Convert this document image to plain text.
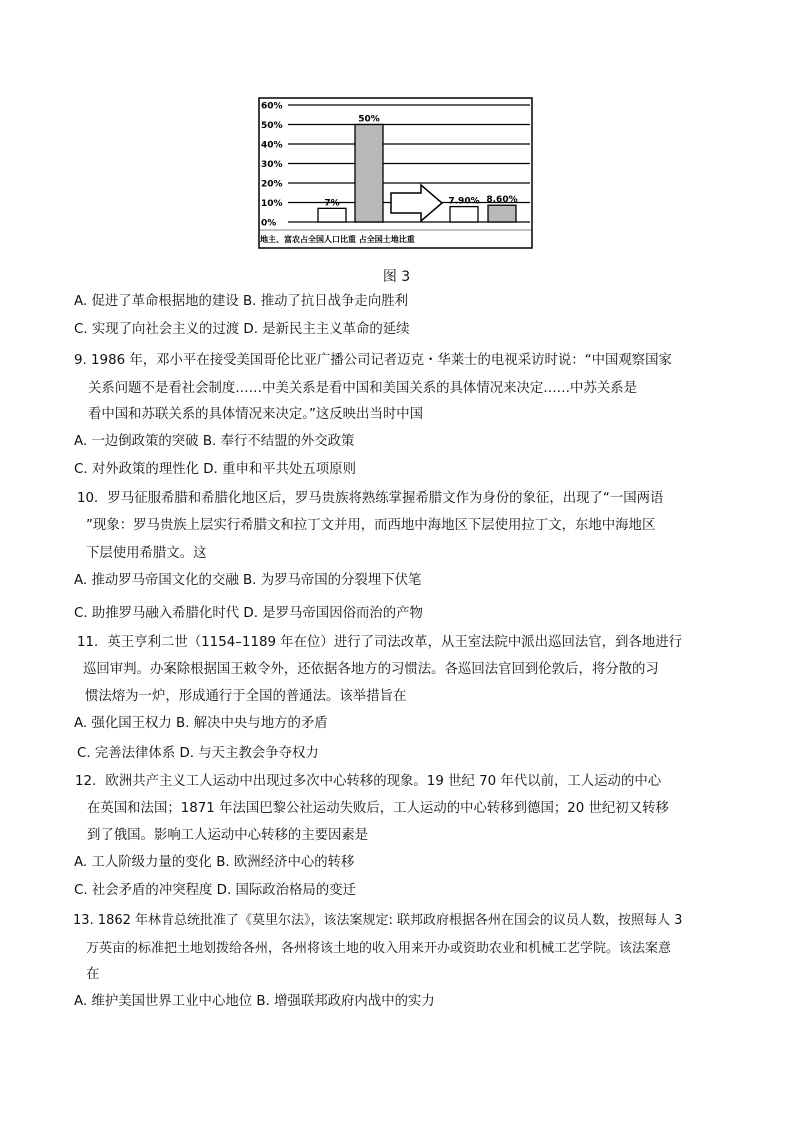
60%
50%
40%
30%
20%
10%
0%
7%
50%
7.90% 8.60%
地主、富农占全国人口比重 占全国土地比重
图 3
A. 促进了革命根据地的建设 B. 推动了抗日战争走向胜利
C. 实现了向社会主义的过渡 D. 是新民主主义革命的延续
9. 1986 年，邓小平在接受美国哥伦比亚广播公司记者迈克・华莱士的电视采访时说：“中国观察国家
关系问题不是看社会制度……中美关系是看中国和美国关系的具体情况来决定……中苏关系是
看中国和苏联关系的具体情况来决定。”这反映出当时中国
A. 一边倒政策的突破 B. 奉行不结盟的外交政策
C. 对外政策的理性化 D. 重申和平共处五项原则
10．罗马征服希腊和希腊化地区后，罗马贵族将熟练掌握希腊文作为身份的象征，出现了“一国两语
”现象：罗马贵族上层实行希腊文和拉丁文并用，而西地中海地区下层使用拉丁文，东地中海地区
下层使用希腊文。这
A. 推动罗马帝国文化的交融 B. 为罗马帝国的分裂埋下伏笔
C. 助推罗马融入希腊化时代 D. 是罗马帝国因俗而治的产物
11．英王亨利二世（1154–1189 年在位）进行了司法改革，从王室法院中派出巡回法官，到各地进行
巡回审判。办案除根据国王敕令外，还依据各地方的习惯法。各巡回法官回到伦敦后，将分散的习
惯法熔为一炉，形成通行于全国的普通法。该举措旨在
A. 强化国王权力 B. 解决中央与地方的矛盾
C. 完善法律体系 D. 与天主教会争夺权力
12．欧洲共产主义工人运动中出现过多次中心转移的现象。19 世纪 70 年代以前，工人运动的中心
在英国和法国；1871 年法国巴黎公社运动失败后，工人运动的中心转移到德国；20 世纪初又转移
到了俄国。影响工人运动中心转移的主要因素是
A. 工人阶级力量的变化 B. 欧洲经济中心的转移
C. 社会矛盾的冲突程度 D. 国际政治格局的变迁
13. 1862 年林肯总统批准了《莫里尔法》，该法案规定: 联邦政府根据各州在国会的议员人数，按照每人 3
万英亩的标准把土地划拨给各州，各州将该土地的收入用来开办或资助农业和机械工艺学院。该法案意
在
A. 维护美国世界工业中心地位 B. 增强联邦政府内战中的实力
